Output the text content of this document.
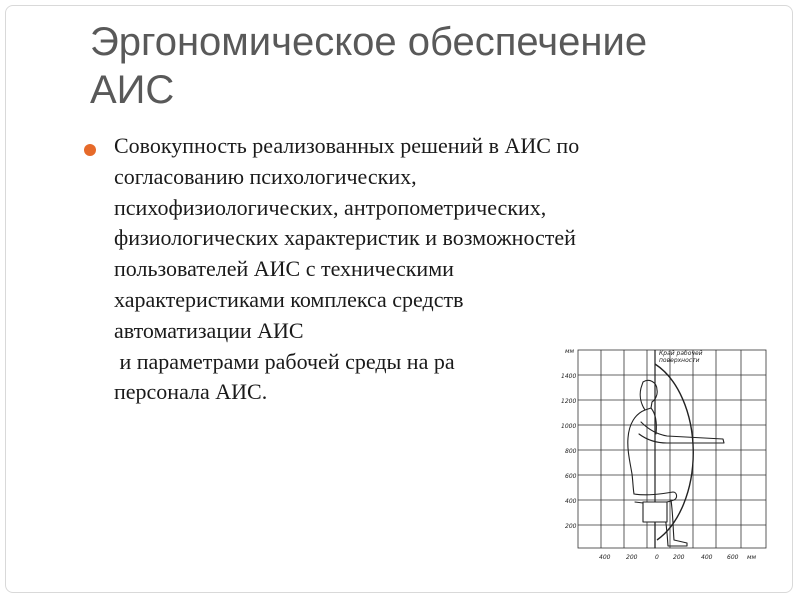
Эргономическое обеспечение
АИС
Совокупность реализованных решений в АИС по
согласованию психологических,
психофизиологических, антропометрических,
физиологических характеристик и возможностей
пользователей АИС с техническими
характеристиками комплекса средств
автоматизации АИС
и параметрами рабочей среды на ра
персонала АИС.
мм
1400
1200
1000
800
600
400
200
400	200	0 200	400 600 мм
Край рабочей
поверхности
